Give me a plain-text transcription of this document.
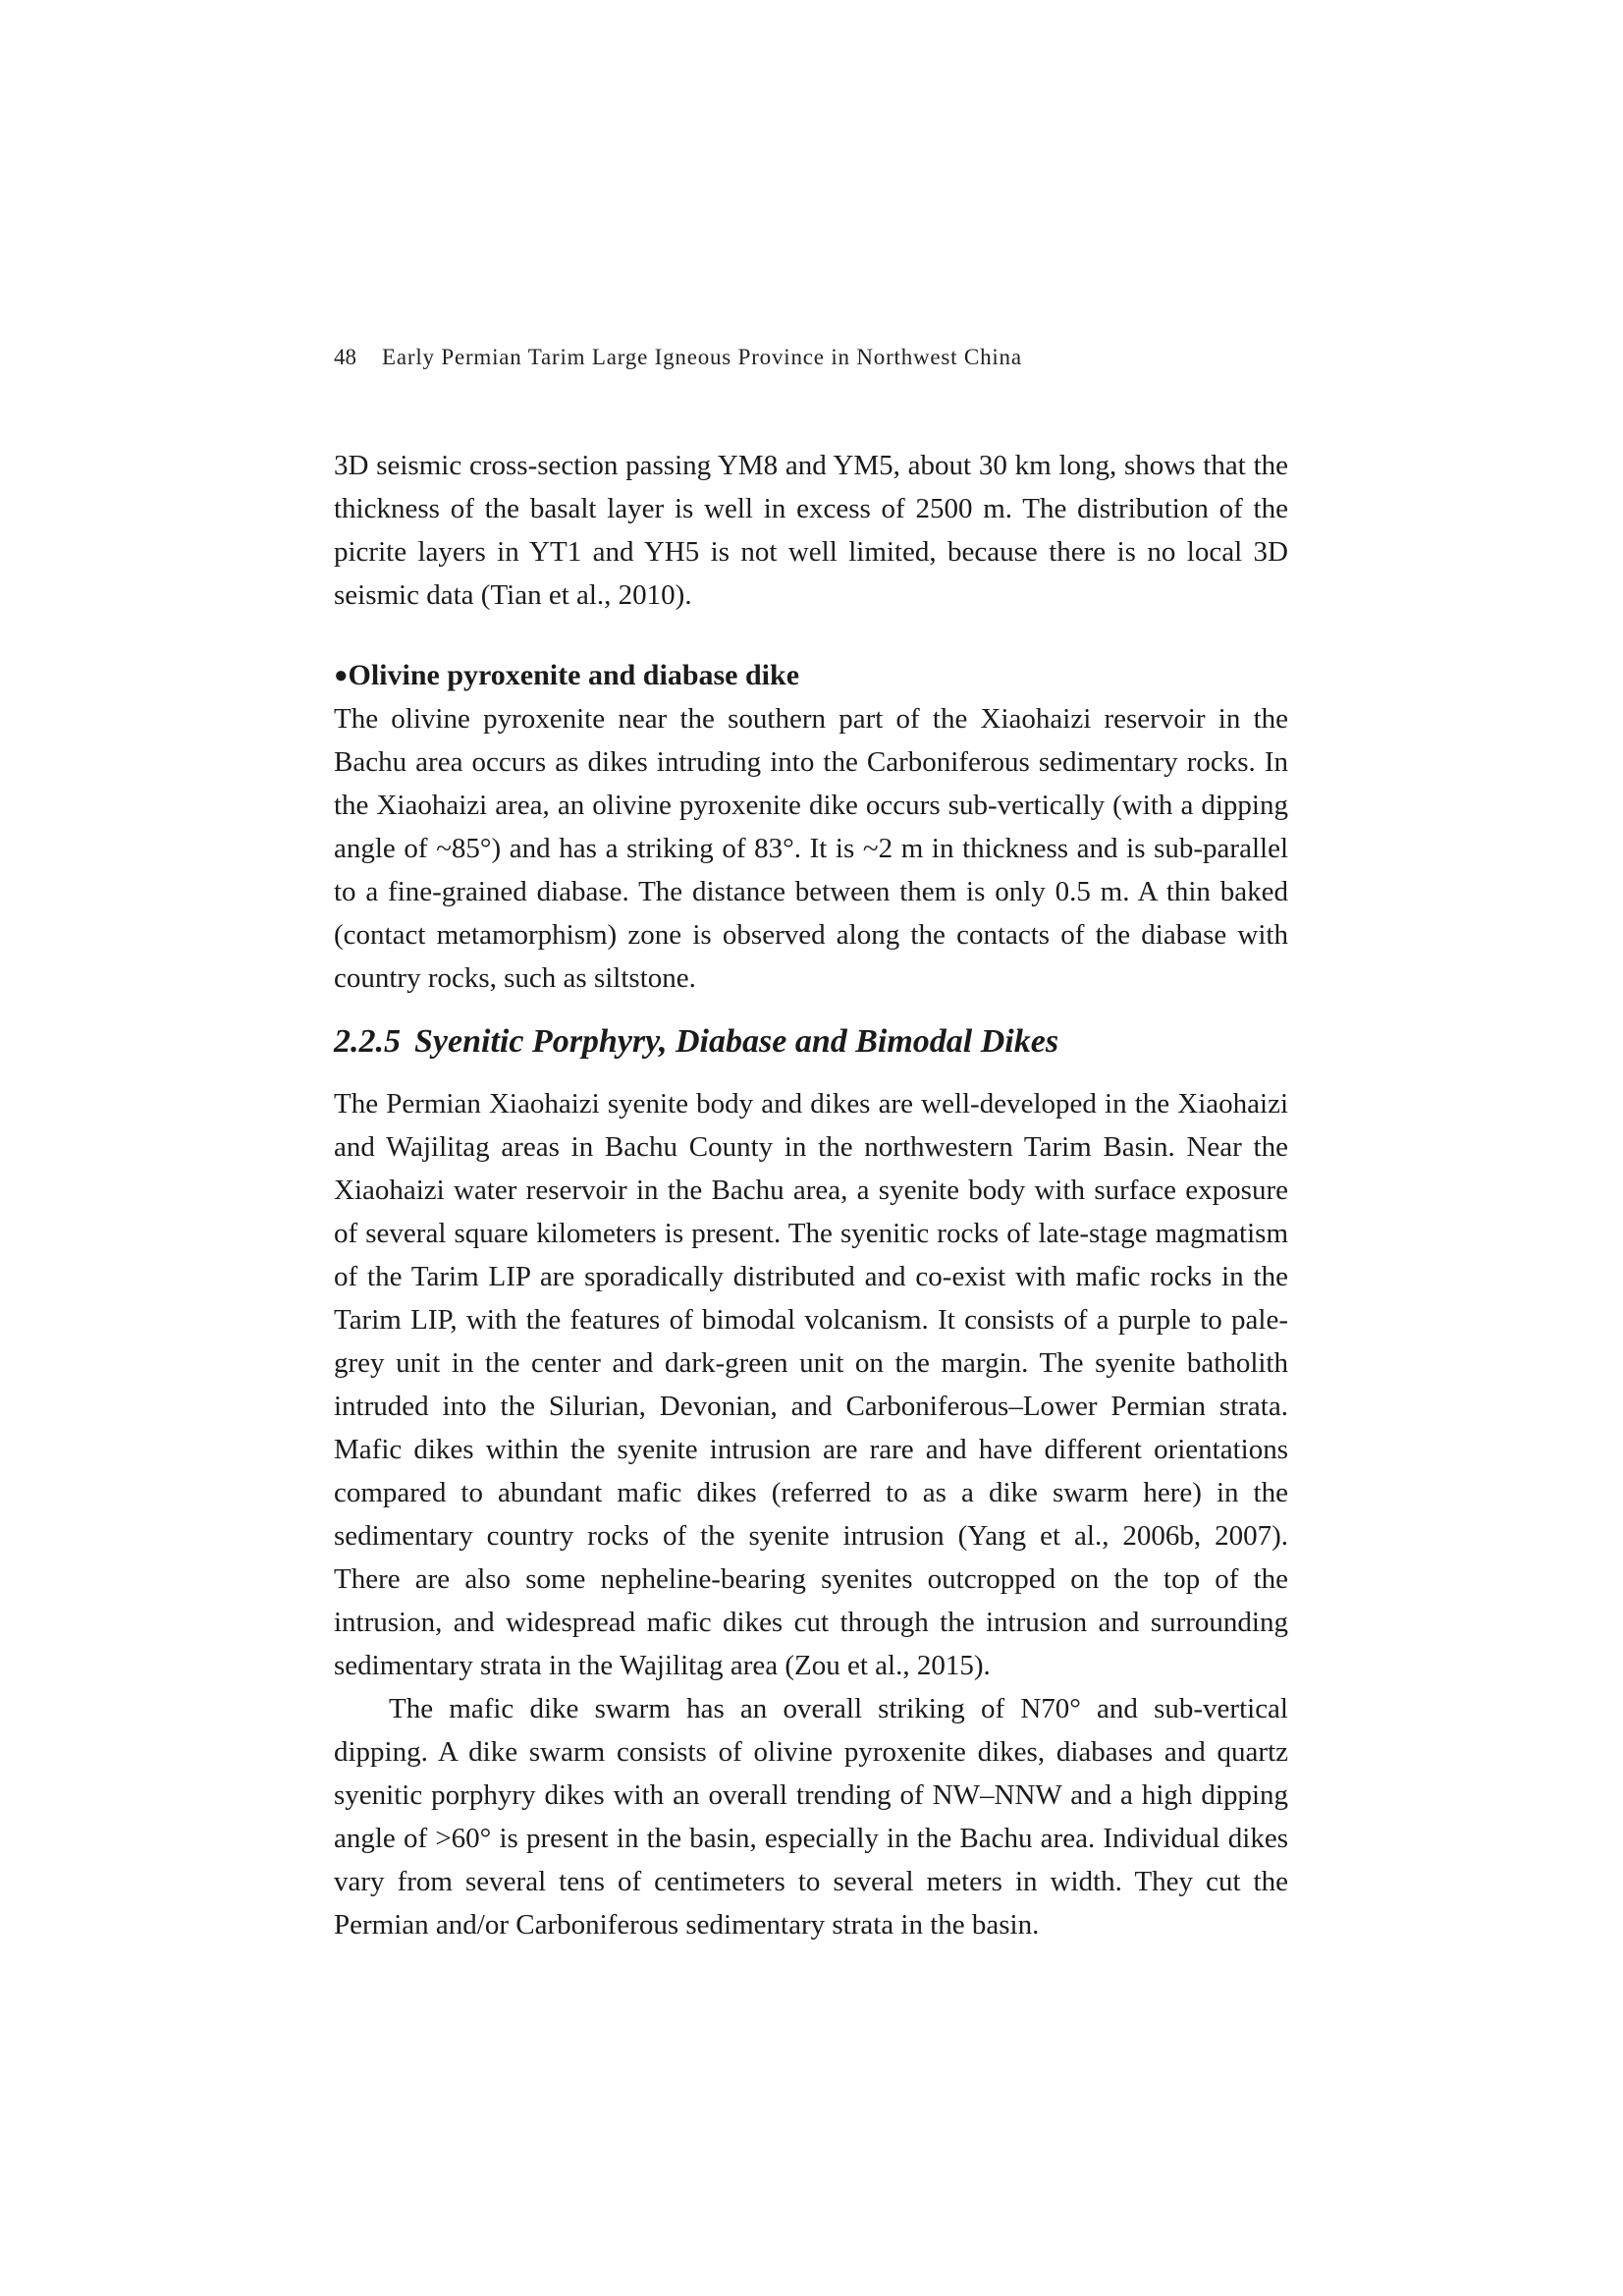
48 Early Permian Tarim Large Igneous Province in Northwest China

3D seismic cross-section passing YM8 and YM5, about 30 km long, shows that the thickness of the basalt layer is well in excess of 2500 m. The distribution of the picrite layers in YT1 and YH5 is not well limited, because there is no local 3D seismic data (Tian et al., 2010).

●Olivine pyroxenite and diabase dike

The olivine pyroxenite near the southern part of the Xiaohaizi reservoir in the Bachu area occurs as dikes intruding into the Carboniferous sedimentary rocks. In the Xiaohaizi area, an olivine pyroxenite dike occurs sub-vertically (with a dipping angle of ~85°) and has a striking of 83°. It is ~2 m in thickness and is sub-parallel to a fine-grained diabase. The distance between them is only 0.5 m. A thin baked (contact metamorphism) zone is observed along the contacts of the diabase with country rocks, such as siltstone.

2.2.5 Syenitic Porphyry, Diabase and Bimodal Dikes

The Permian Xiaohaizi syenite body and dikes are well-developed in the Xiaohaizi and Wajilitag areas in Bachu County in the northwestern Tarim Basin. Near the Xiaohaizi water reservoir in the Bachu area, a syenite body with surface exposure of several square kilometers is present. The syenitic rocks of late-stage magmatism of the Tarim LIP are sporadically distributed and co-exist with mafic rocks in the Tarim LIP, with the features of bimodal volcanism. It consists of a purple to pale-grey unit in the center and dark-green unit on the margin. The syenite batholith intruded into the Silurian, Devonian, and Carboniferous–Lower Permian strata. Mafic dikes within the syenite intrusion are rare and have different orientations compared to abundant mafic dikes (referred to as a dike swarm here) in the sedimentary country rocks of the syenite intrusion (Yang et al., 2006b, 2007). There are also some nepheline-bearing syenites outcropped on the top of the intrusion, and widespread mafic dikes cut through the intrusion and surrounding sedimentary strata in the Wajilitag area (Zou et al., 2015).

The mafic dike swarm has an overall striking of N70° and sub-vertical dipping. A dike swarm consists of olivine pyroxenite dikes, diabases and quartz syenitic porphyry dikes with an overall trending of NW–NNW and a high dipping angle of >60° is present in the basin, especially in the Bachu area. Individual dikes vary from several tens of centimeters to several meters in width. They cut the Permian and/or Carboniferous sedimentary strata in the basin.
